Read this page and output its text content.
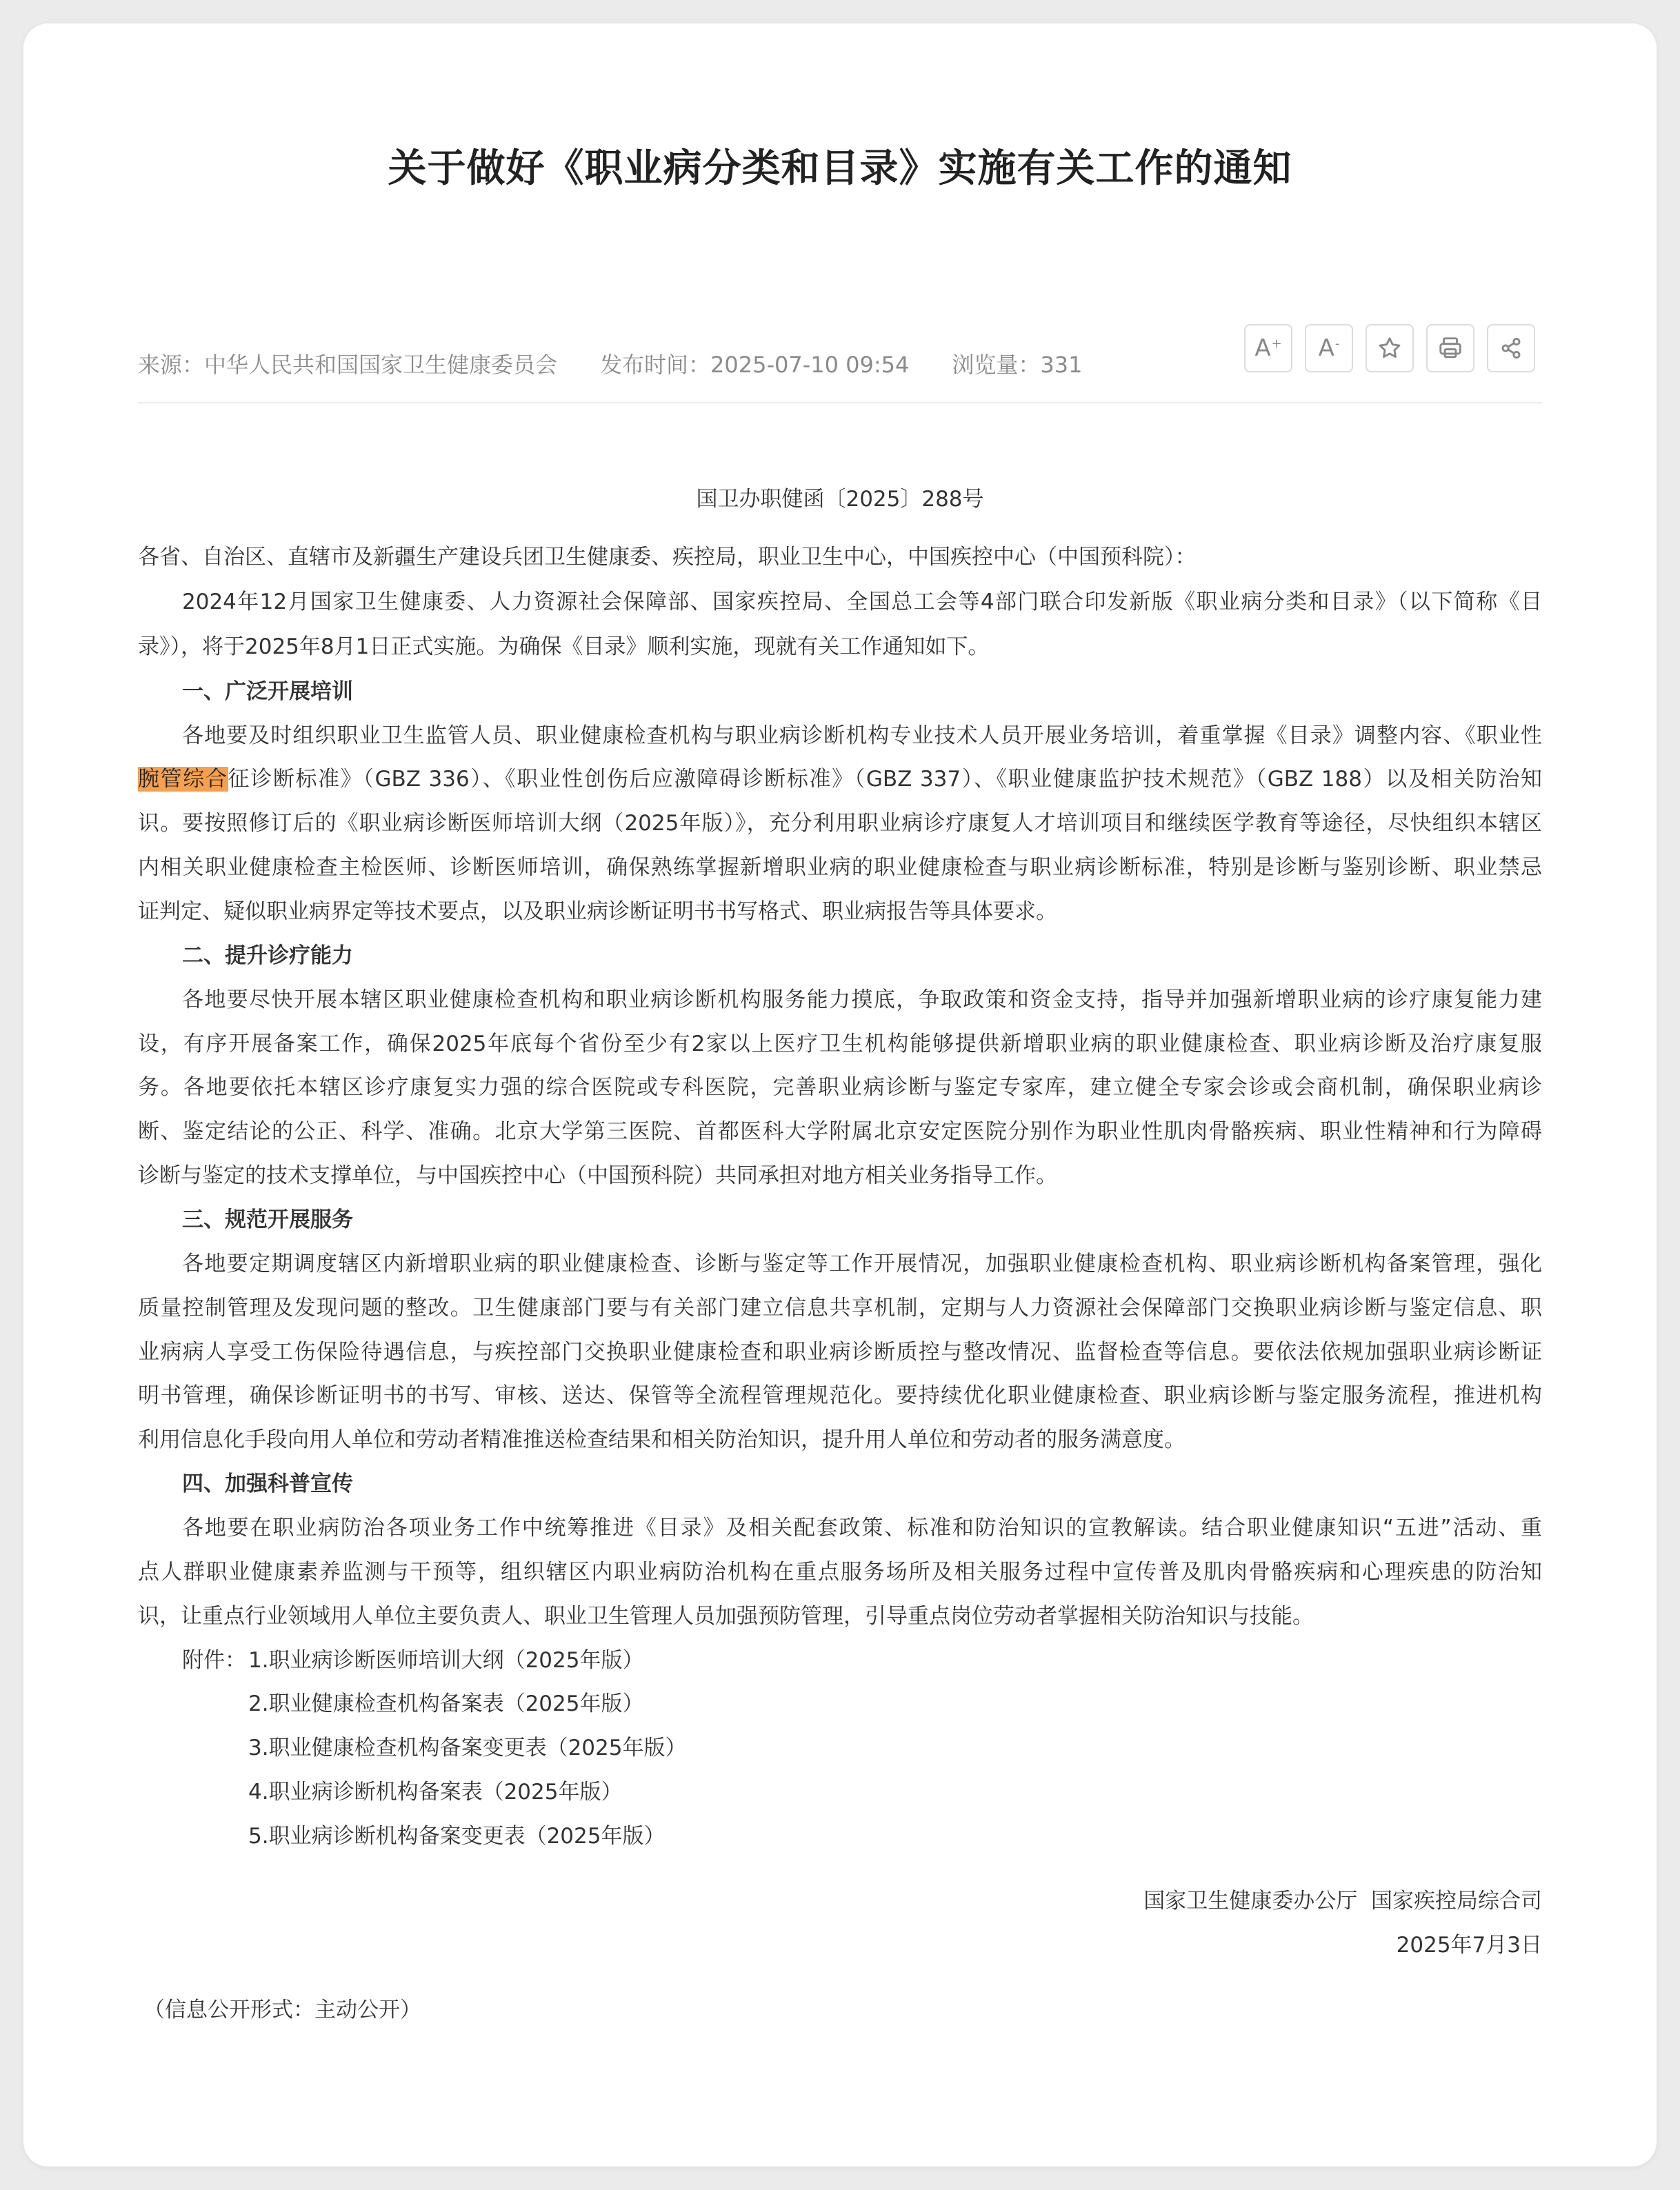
关于做好《职业病分类和目录》实施有关工作的通知
来源：中华人民共和国国家卫生健康委员会 发布时间：2025-07-10 09:54 浏览量：331
A+ A-
国卫办职健函〔2025〕288号
各省、自治区、直辖市及新疆生产建设兵团卫生健康委、疾控局，职业卫生中心，中国疾控中心（中国预科院）：
2024年12月国家卫生健康委、人力资源社会保障部、国家疾控局、全国总工会等4部门联合印发新版《职业病分类和目录》（以下简称《目
录》），将于2025年8月1日正式实施。为确保《目录》顺利实施，现就有关工作通知如下。
一、广泛开展培训
各地要及时组织职业卫生监管人员、职业健康检查机构与职业病诊断机构专业技术人员开展业务培训，着重掌握《目录》调整内容、《职业性
腕管综合征诊断标准》（GBZ 336）、《职业性创伤后应激障碍诊断标准》（GBZ 337）、《职业健康监护技术规范》（GBZ 188）以及相关防治知
识。要按照修订后的《职业病诊断医师培训大纲（2025年版）》，充分利用职业病诊疗康复人才培训项目和继续医学教育等途径，尽快组织本辖区
内相关职业健康检查主检医师、诊断医师培训，确保熟练掌握新增职业病的职业健康检查与职业病诊断标准，特别是诊断与鉴别诊断、职业禁忌
证判定、疑似职业病界定等技术要点，以及职业病诊断证明书书写格式、职业病报告等具体要求。
二、提升诊疗能力
各地要尽快开展本辖区职业健康检查机构和职业病诊断机构服务能力摸底，争取政策和资金支持，指导并加强新增职业病的诊疗康复能力建
设，有序开展备案工作，确保2025年底每个省份至少有2家以上医疗卫生机构能够提供新增职业病的职业健康检查、职业病诊断及治疗康复服
务。各地要依托本辖区诊疗康复实力强的综合医院或专科医院，完善职业病诊断与鉴定专家库，建立健全专家会诊或会商机制，确保职业病诊
断、鉴定结论的公正、科学、准确。北京大学第三医院、首都医科大学附属北京安定医院分别作为职业性肌肉骨骼疾病、职业性精神和行为障碍
诊断与鉴定的技术支撑单位，与中国疾控中心（中国预科院）共同承担对地方相关业务指导工作。
三、规范开展服务
各地要定期调度辖区内新增职业病的职业健康检查、诊断与鉴定等工作开展情况，加强职业健康检查机构、职业病诊断机构备案管理，强化
质量控制管理及发现问题的整改。卫生健康部门要与有关部门建立信息共享机制，定期与人力资源社会保障部门交换职业病诊断与鉴定信息、职
业病病人享受工伤保险待遇信息，与疾控部门交换职业健康检查和职业病诊断质控与整改情况、监督检查等信息。要依法依规加强职业病诊断证
明书管理，确保诊断证明书的书写、审核、送达、保管等全流程管理规范化。要持续优化职业健康检查、职业病诊断与鉴定服务流程，推进机构
利用信息化手段向用人单位和劳动者精准推送检查结果和相关防治知识，提升用人单位和劳动者的服务满意度。
四、加强科普宣传
各地要在职业病防治各项业务工作中统筹推进《目录》及相关配套政策、标准和防治知识的宣教解读。结合职业健康知识“五进”活动、重
点人群职业健康素养监测与干预等，组织辖区内职业病防治机构在重点服务场所及相关服务过程中宣传普及肌肉骨骼疾病和心理疾患的防治知
识，让重点行业领域用人单位主要负责人、职业卫生管理人员加强预防管理，引导重点岗位劳动者掌握相关防治知识与技能。
附件： 1.职业病诊断医师培训大纲（2025年版）
2.职业健康检查机构备案表（2025年版）
3.职业健康检查机构备案变更表（2025年版）
4.职业病诊断机构备案表（2025年版）
5.职业病诊断机构备案变更表（2025年版）
国家卫生健康委办公厅  国家疾控局综合司
2025年7月3日
（信息公开形式：主动公开）
